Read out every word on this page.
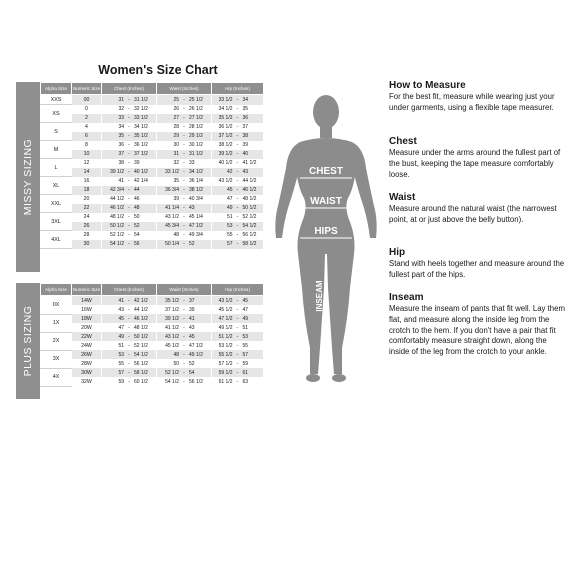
Women's Size Chart
MISSY SIZING
Alpha Size	Numeric Size	Chest (Inches)	Waist (Inches)	Hip (Inches)
XXS	00	31 - 31 1/2	25 - 25 1/2	33 1/2 - 34
XS	0	32 - 32 1/2	26 - 26 1/2	34 1/2 - 35
	2	33 - 33 1/2	27 - 27 1/2	35 1/2 - 36
S	4	34 - 34 1/2	28 - 28 1/2	36 1/2 - 37
	6	35 - 35 1/2	29 - 29 1/2	37 1/2 - 38
M	8	36 - 36 1/2	30 - 30 1/2	38 1/2 - 39
	10	37 - 37 1/2	31 - 31 1/2	39 1/2 - 40
L	12	38 - 39	32 - 33	40 1/2 - 41 1/2
	14	39 1/2 - 40 1/2	33 1/2 - 34 1/2	42 - 43
XL	16	41 - 42 1/4	35 - 36 1/4	43 1/2 - 44 1/2
	18	42 3/4 - 44	36 3/4 - 38 1/2	45 - 46 1/2
XXL	20	44 1/2 - 46	39 - 40 3/4	47 - 48 1/2
	22	46 1/2 - 48	41 1/4 - 43	49 - 50 1/2
3XL	24	48 1/2 - 50	43 1/2 - 45 1/4	51 - 52 1/2
	26	50 1/2 - 52	45 3/4 - 47 1/2	53 - 54 1/2
4XL	28	52 1/2 - 54	48 - 49 3/4	55 - 56 1/2
	30	54 1/2 - 56	50 1/4 - 52	57 - 58 1/2
PLUS SIZING
Alpha Size	Numeric Size	Chest (Inches)	Waist (Inches)	Hip (Inches)
0X	14W	41 - 42 1/2	35 1/2 - 37	43 1/2 - 45
	16W	43 - 44 1/2	37 1/2 - 39	45 1/2 - 47
1X	18W	45 - 46 1/2	39 1/2 - 41	47 1/2 - 49
	20W	47 - 48 1/2	41 1/2 - 43	49 1/2 - 51
2X	22W	49 - 50 1/2	43 1/2 - 45	51 1/2 - 53
	24W	51 - 52 1/2	45 1/2 - 47 1/2	53 1/2 - 55
3X	26W	53 - 54 1/2	48 - 49 1/2	55 1/2 - 57
	28W	55 - 56 1/2	50 - 52	57 1/2 - 59
4X	30W	57 - 58 1/2	52 1/2 - 54	59 1/2 - 61
	32W	59 - 60 1/2	54 1/2 - 56 1/2	61 1/2 - 63
CHEST
WAIST
HIPS
INSEAM
How to Measure

For the best fit, measure while wearing just your under garments, using a flexible tape measurer.

Chest

Measure under the arms around the fullest part of the bust, keeping the tape measure comfortably loose.

Waist

Measure around the natural waist (the narrowest point, at or just above the belly button).

Hip

Stand with heels together and measure around the fullest part of the hips.

Inseam

Measure the inseam of pants that fit well. Lay them flat, and measure along the inside leg from the crotch to the hem. If you don't have a pair that fit comfortably measure straight down, along the inside of the leg from the crotch to your ankle.
